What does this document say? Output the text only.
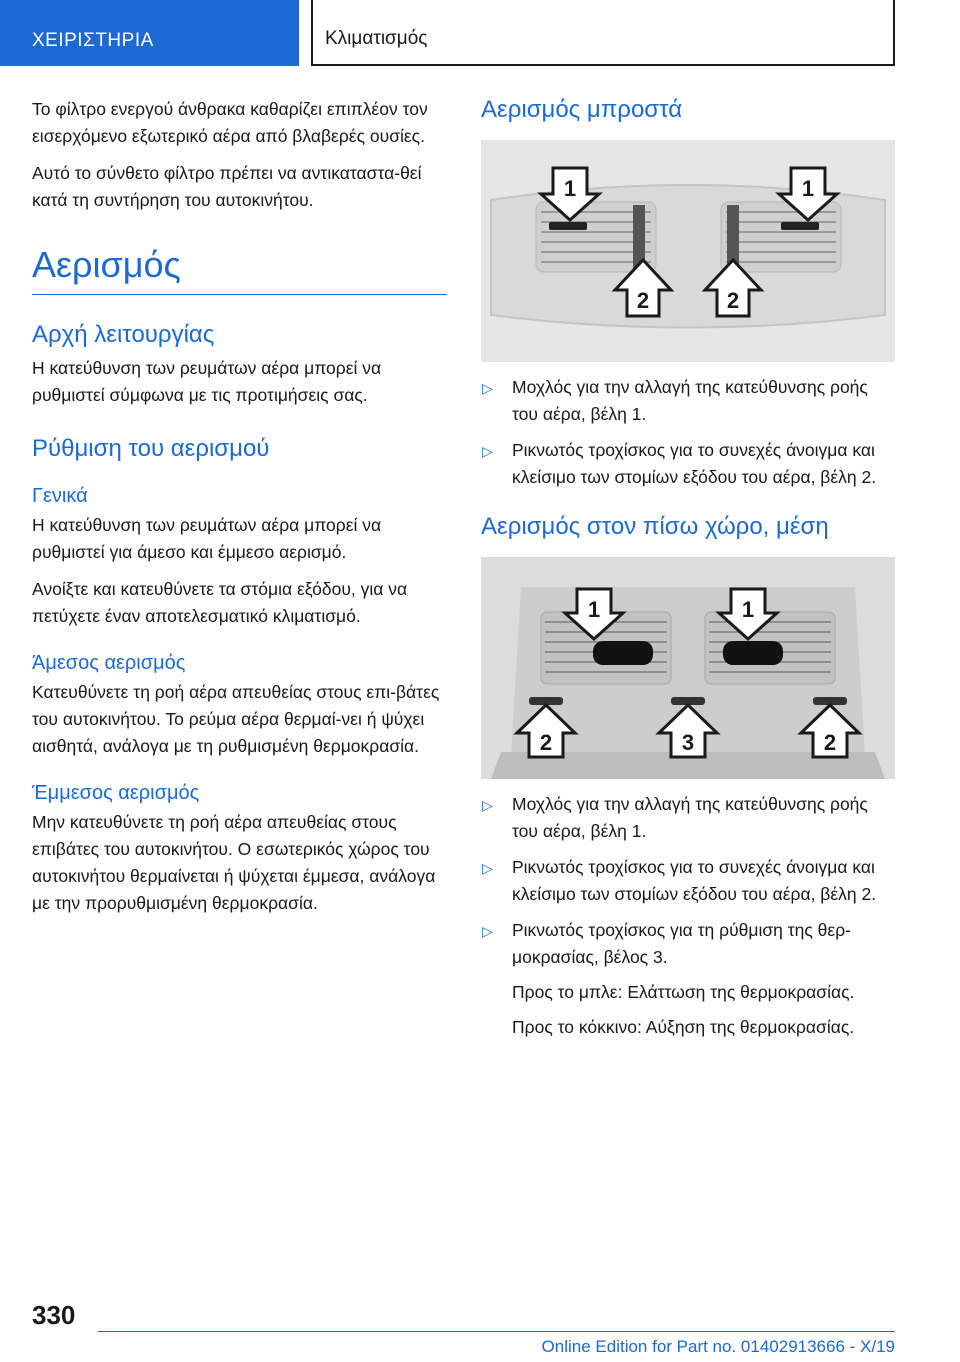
ΧΕΙΡΙΣΤΗΡΙΑ	Κλιματισμός

Το φίλτρο ενεργού άνθρακα καθαρίζει επιπλέον τον εισερχόμενο εξωτερικό αέρα από βλαβερές ουσίες.

Αυτό το σύνθετο φίλτρο πρέπει να αντικαταστα-θεί κατά τη συντήρηση του αυτοκινήτου.

Αερισμός
Αρχή λειτουργίας

Η κατεύθυνση των ρευμάτων αέρα μπορεί να ρυθμιστεί σύμφωνα με τις προτιμήσεις σας.

Ρύθμιση του αερισμού
Γενικά

Η κατεύθυνση των ρευμάτων αέρα μπορεί να ρυθμιστεί για άμεσο και έμμεσο αερισμό.

Ανοίξτε και κατευθύνετε τα στόμια εξόδου, για να πετύχετε έναν αποτελεσματικό κλιματισμό.

Άμεσος αερισμός

Κατευθύνετε τη ροή αέρα απευθείας στους επι-βάτες του αυτοκινήτου. Το ρεύμα αέρα θερμαί-νει ή ψύχει αισθητά, ανάλογα με τη ρυθμισμένη θερμοκρασία.

Έμμεσος αερισμός

Μην κατευθύνετε τη ροή αέρα απευθείας στους επιβάτες του αυτοκινήτου. Ο εσωτερικός χώρος του αυτοκινήτου θερμαίνεται ή ψύχεται έμμεσα, ανάλογα με την προρυθμισμένη θερμοκρασία.

Αερισμός μπροστά
1	1
2	2
▷ Μοχλός για την αλλαγή της κατεύθυνσης ροής του αέρα, βέλη 1.
▷ Ρικνωτός τροχίσκος για το συνεχές άνοιγμα και κλείσιμο των στομίων εξόδου του αέρα, βέλη 2.
Αερισμός στον πίσω χώρο, μέση
1	1
2	3	2
▷ Μοχλός για την αλλαγή της κατεύθυνσης ροής του αέρα, βέλη 1.
▷ Ρικνωτός τροχίσκος για το συνεχές άνοιγμα και κλείσιμο των στομίων εξόδου του αέρα, βέλη 2.
▷ Ρικνωτός τροχίσκος για τη ρύθμιση της θερ-μοκρασίας, βέλος 3.
Προς το μπλε: Ελάττωση της θερμοκρασίας.
Προς το κόκκινο: Αύξηση της θερμοκρασίας.
330
Online Edition for Part no. 01402913666 - X/19
